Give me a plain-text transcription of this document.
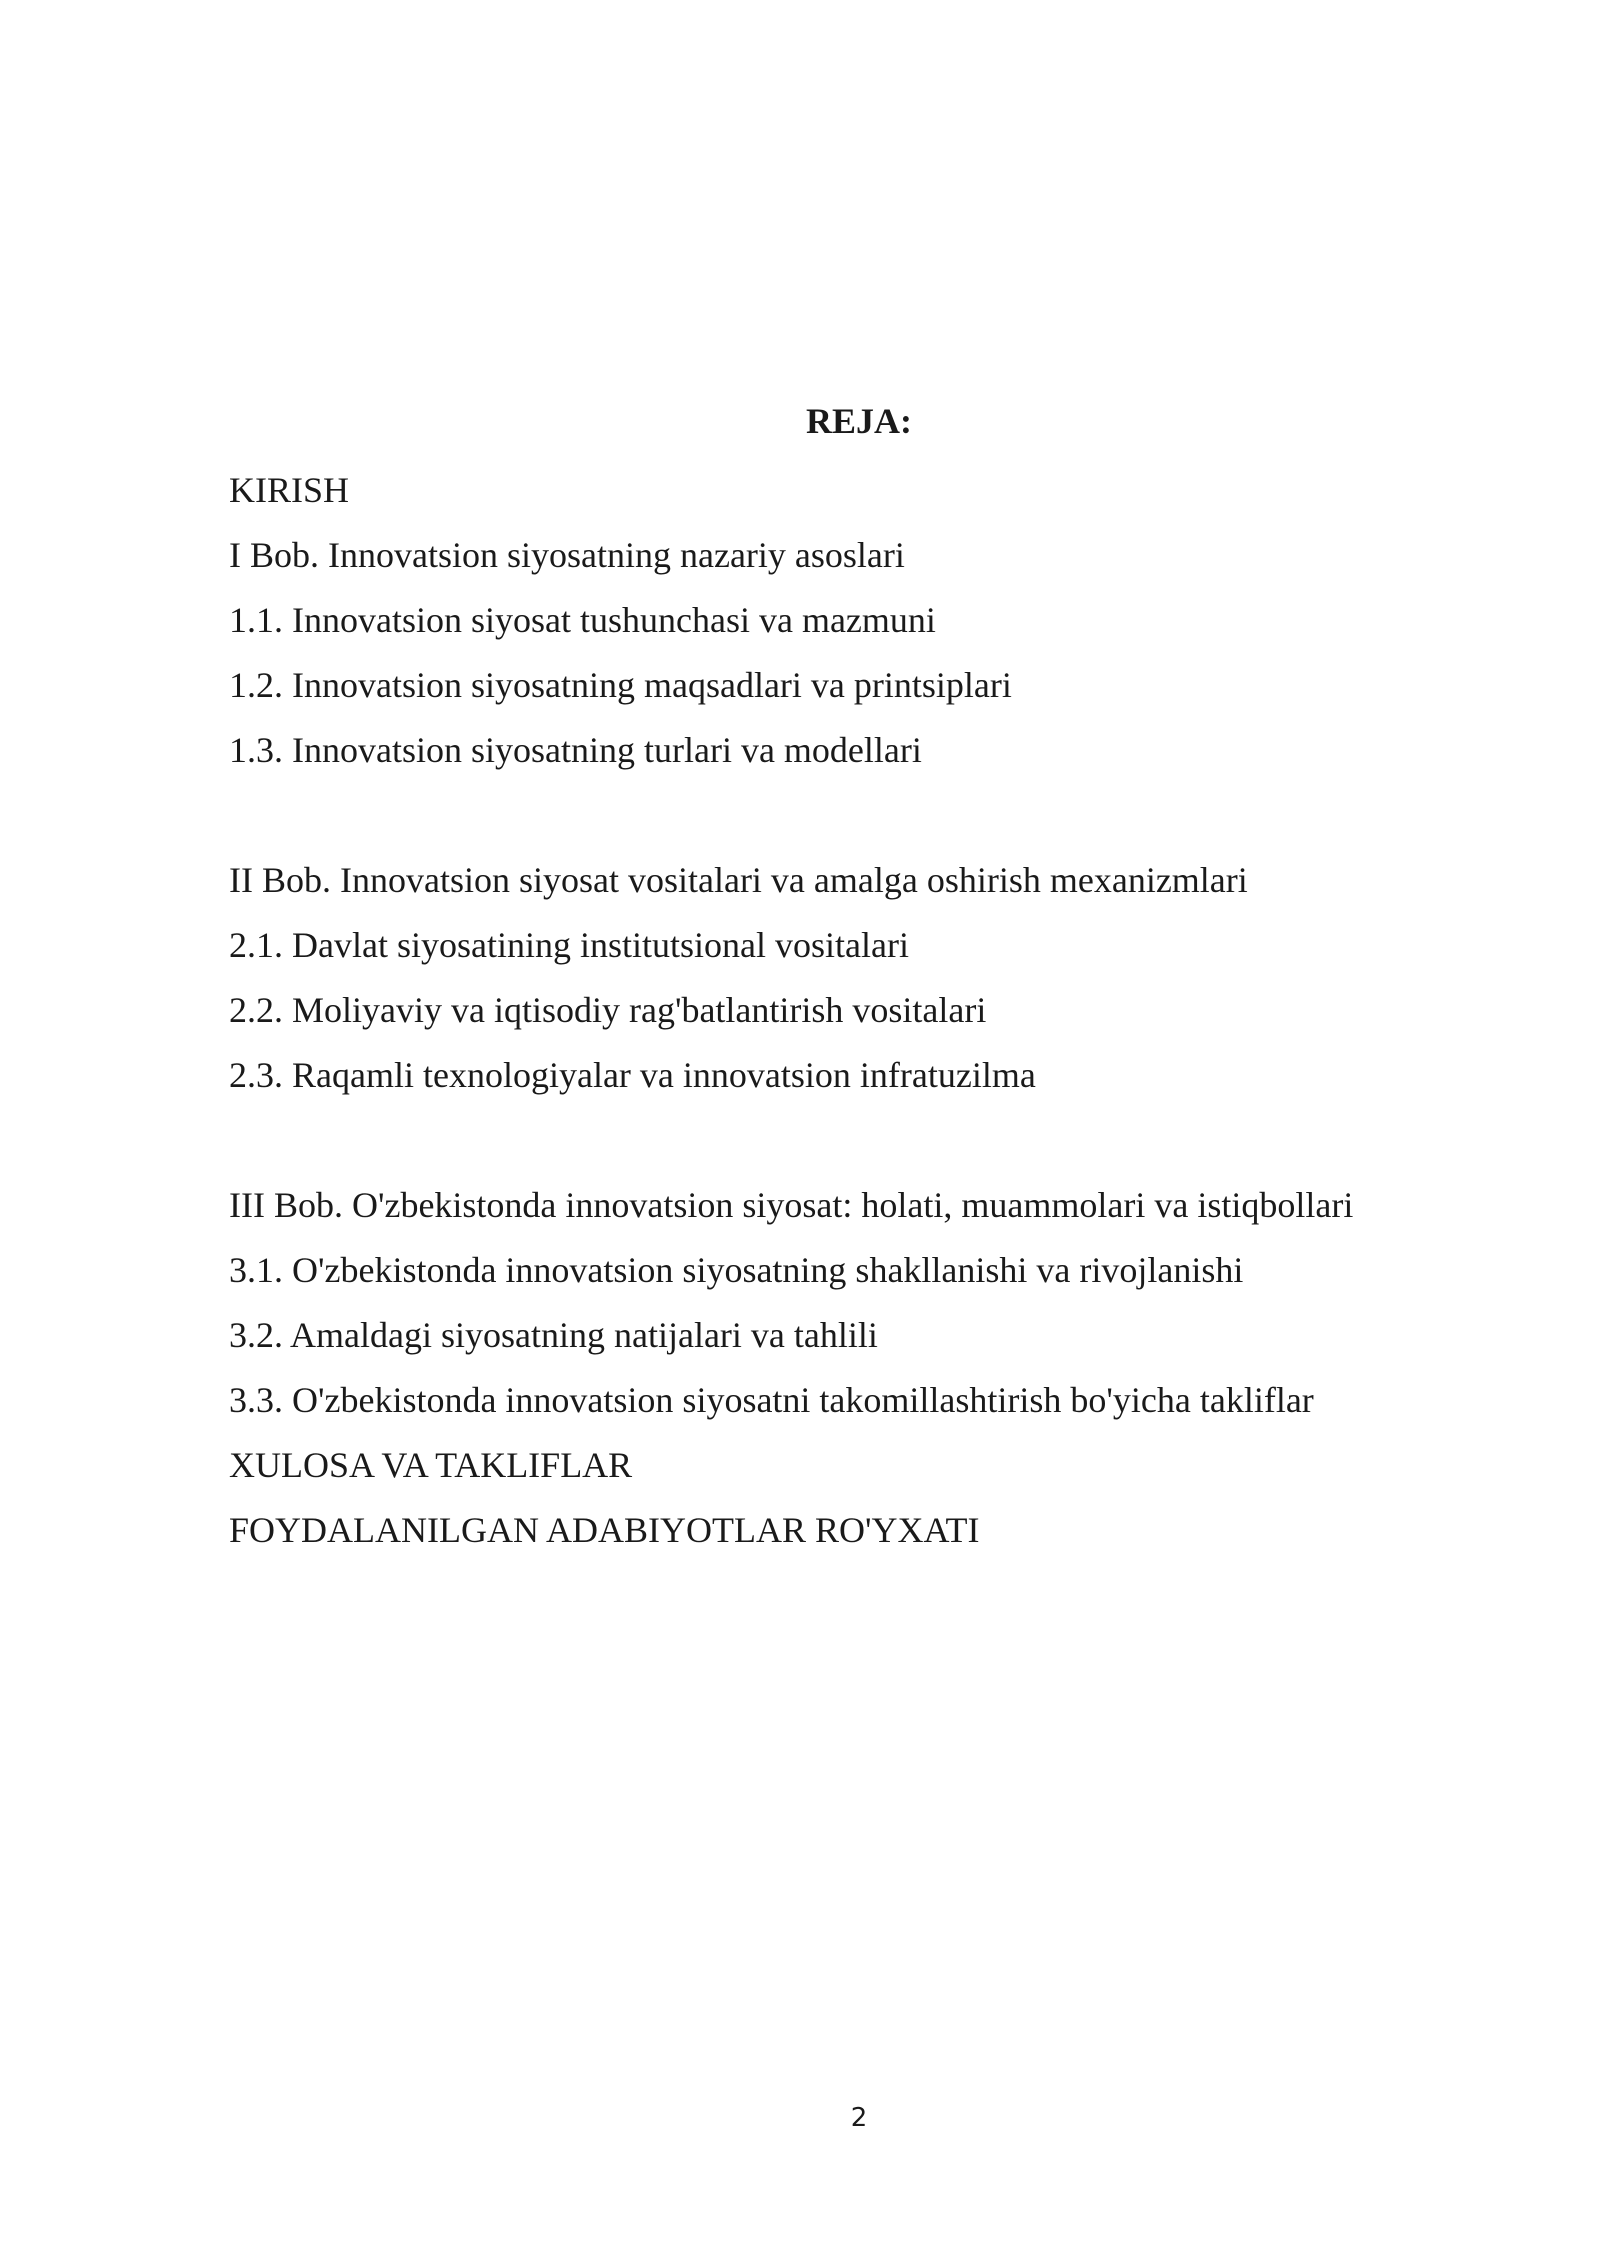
REJA:
KIRISH
I Bob. Innovatsion siyosatning nazariy asoslari
1.1. Innovatsion siyosat tushunchasi va mazmuni
1.2. Innovatsion siyosatning maqsadlari va printsiplari
1.3. Innovatsion siyosatning turlari va modellari
II Bob. Innovatsion siyosat vositalari va amalga oshirish mexanizmlari
2.1. Davlat siyosatining institutsional vositalari
2.2. Moliyaviy va iqtisodiy rag'batlantirish vositalari
2.3. Raqamli texnologiyalar va innovatsion infratuzilma
III Bob. O'zbekistonda innovatsion siyosat: holati, muammolari va istiqbollari
3.1. O'zbekistonda innovatsion siyosatning shakllanishi va rivojlanishi
3.2. Amaldagi siyosatning natijalari va tahlili
3.3. O'zbekistonda innovatsion siyosatni takomillashtirish bo'yicha takliflar
XULOSA VA TAKLIFLAR
FOYDALANILGAN ADABIYOTLAR RO'YXATI
2
